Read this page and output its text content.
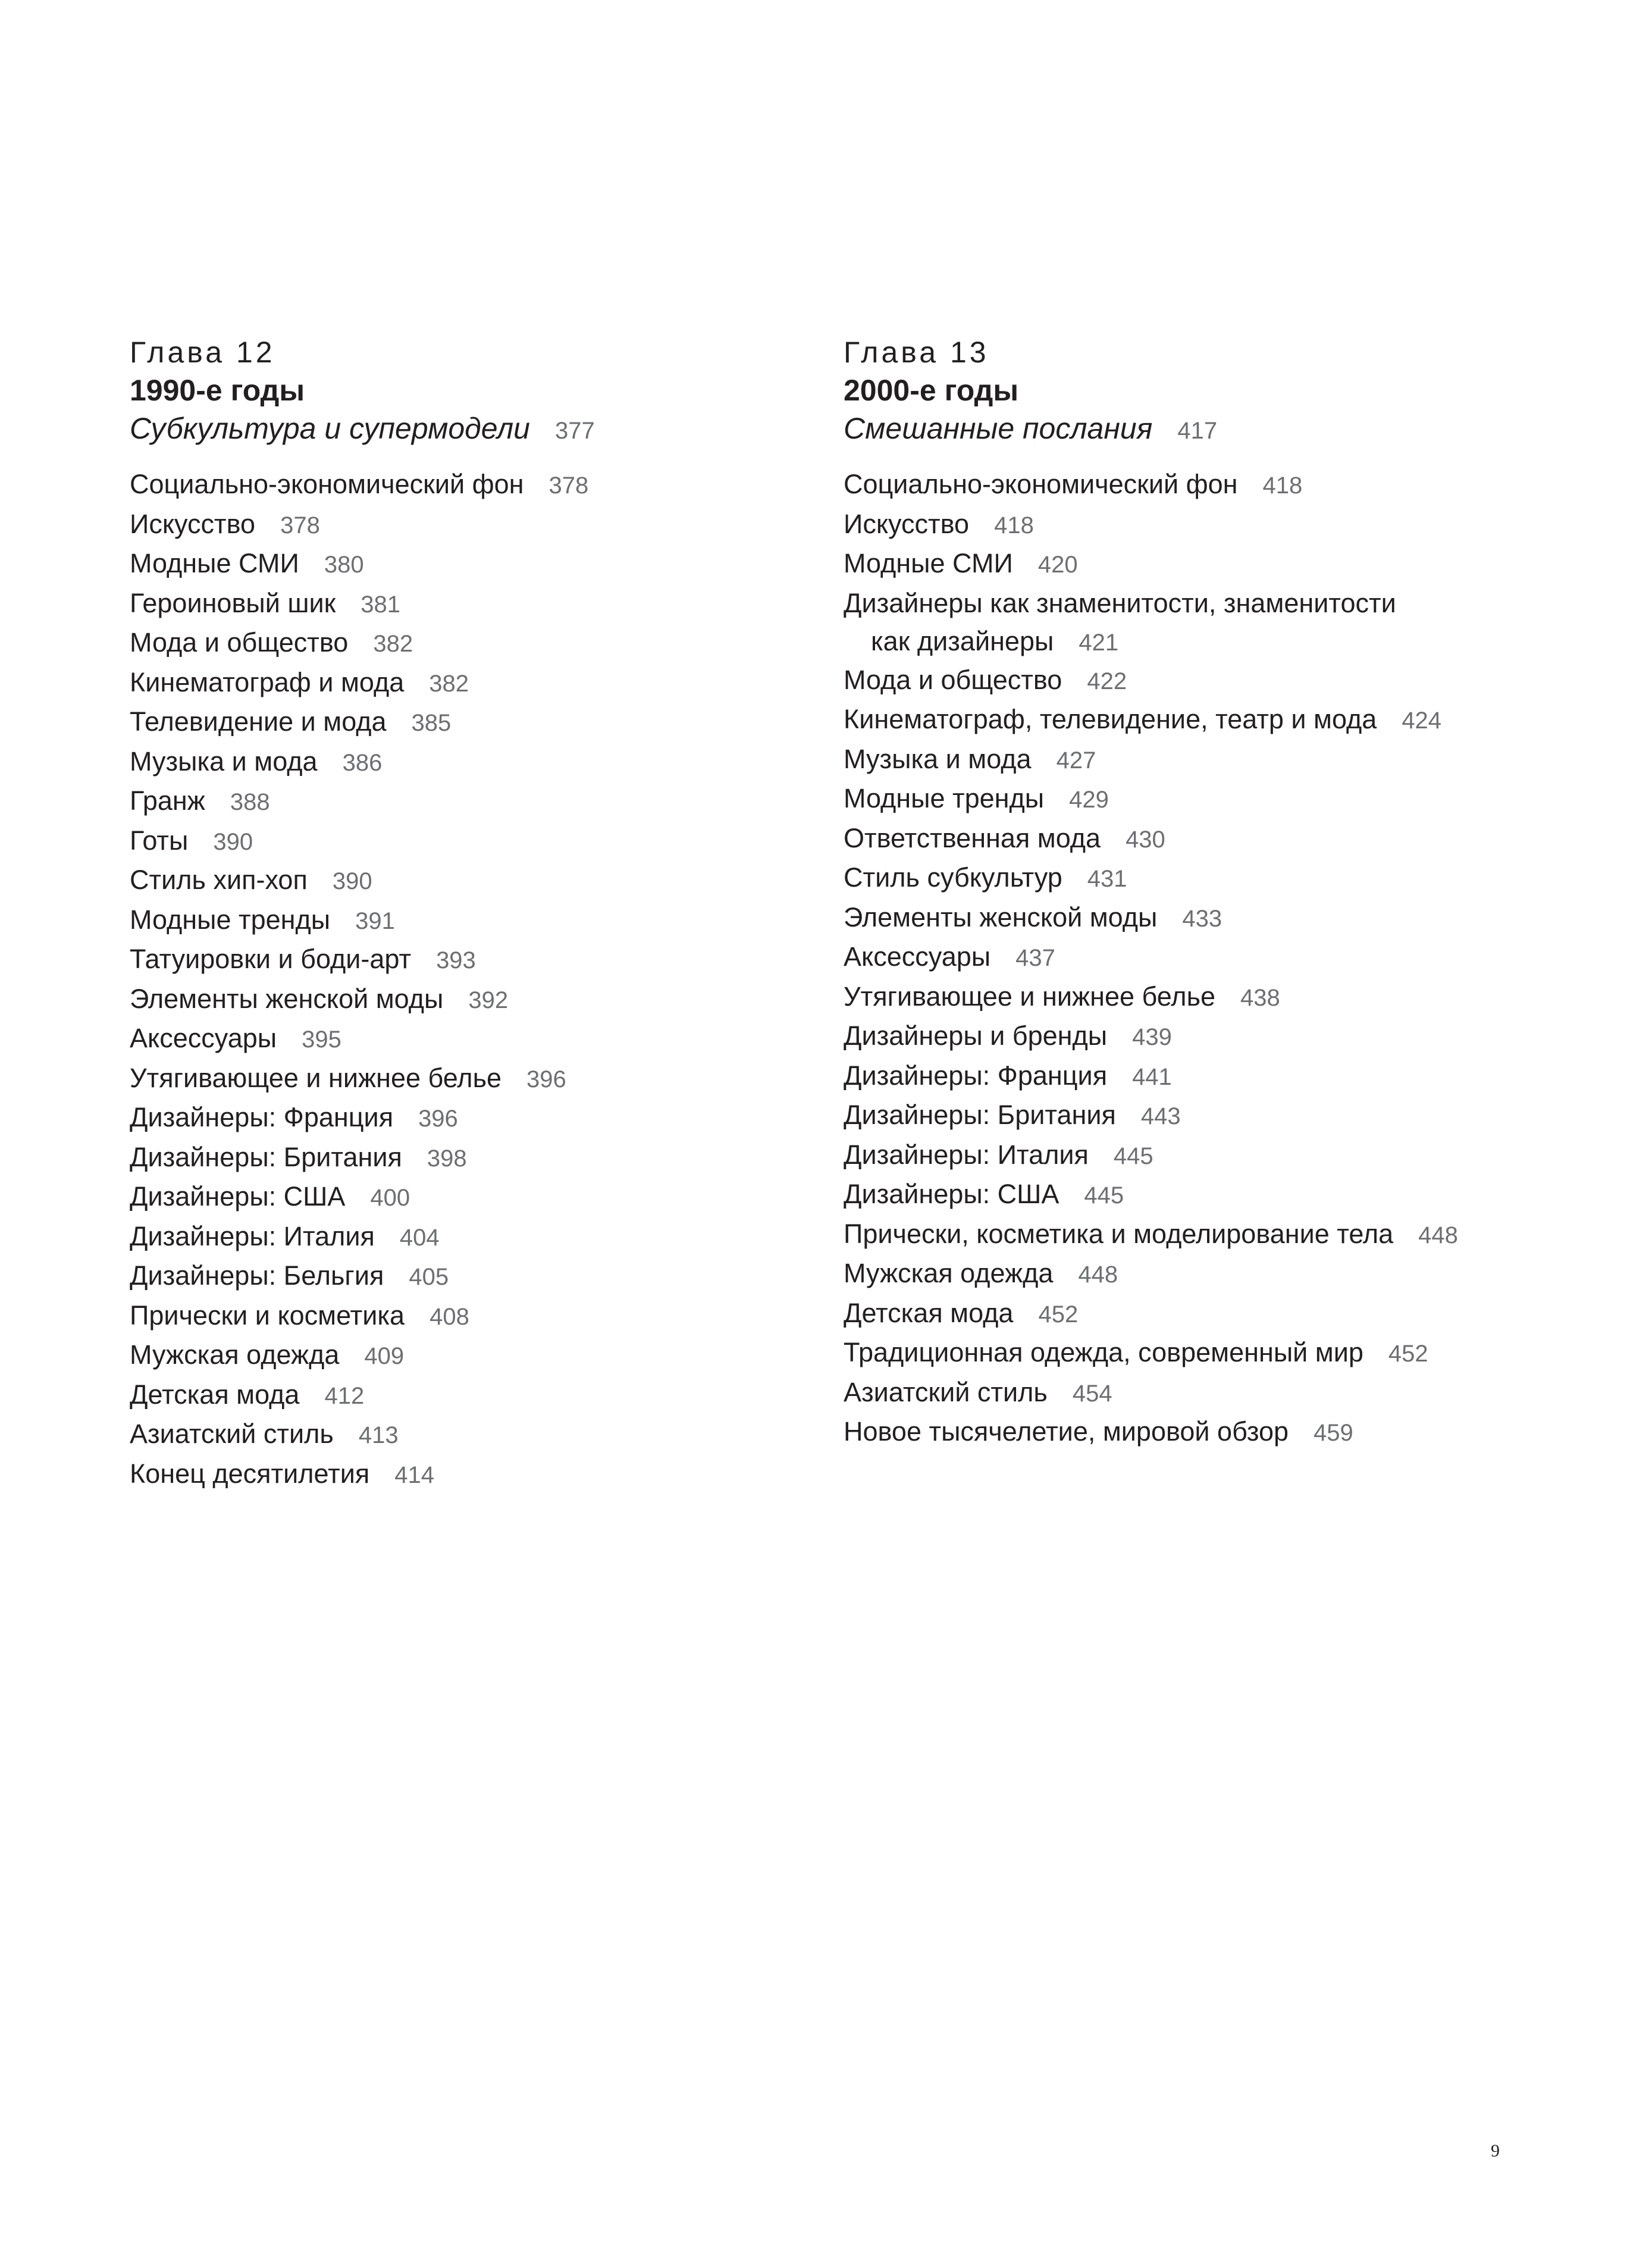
Глава 12
1990-е годы
Субкультура и супермодели 377
Социально-экономический фон 378
Искусство 378
Модные СМИ 380
Героиновый шик 381
Мода и общество 382
Кинематограф и мода 382
Телевидение и мода 385
Музыка и мода 386
Гранж 388
Готы 390
Стиль хип-хоп 390
Модные тренды 391
Татуировки и боди-арт 393
Элементы женской моды 392
Аксессуары 395
Утягивающее и нижнее белье 396
Дизайнеры: Франция 396
Дизайнеры: Британия 398
Дизайнеры: США 400
Дизайнеры: Италия 404
Дизайнеры: Бельгия 405
Прически и косметика 408
Мужская одежда 409
Детская мода 412
Азиатский стиль 413
Конец десятилетия 414
Глава 13
2000-е годы
Смешанные послания 417
Социально-экономический фон 418
Искусство 418
Модные СМИ 420
Дизайнеры как знаменитости, знаменитости
как дизайнеры 421
Мода и общество 422
Кинематограф, телевидение, театр и мода 424
Музыка и мода 427
Модные тренды 429
Ответственная мода 430
Стиль субкультур 431
Элементы женской моды 433
Аксессуары 437
Утягивающее и нижнее белье 438
Дизайнеры и бренды 439
Дизайнеры: Франция 441
Дизайнеры: Британия 443
Дизайнеры: Италия 445
Дизайнеры: США 445
Прически, косметика и моделирование тела 448
Мужская одежда 448
Детская мода 452
Традиционная одежда, современный мир 452
Азиатский стиль 454
Новое тысячелетие, мировой обзор 459
9
